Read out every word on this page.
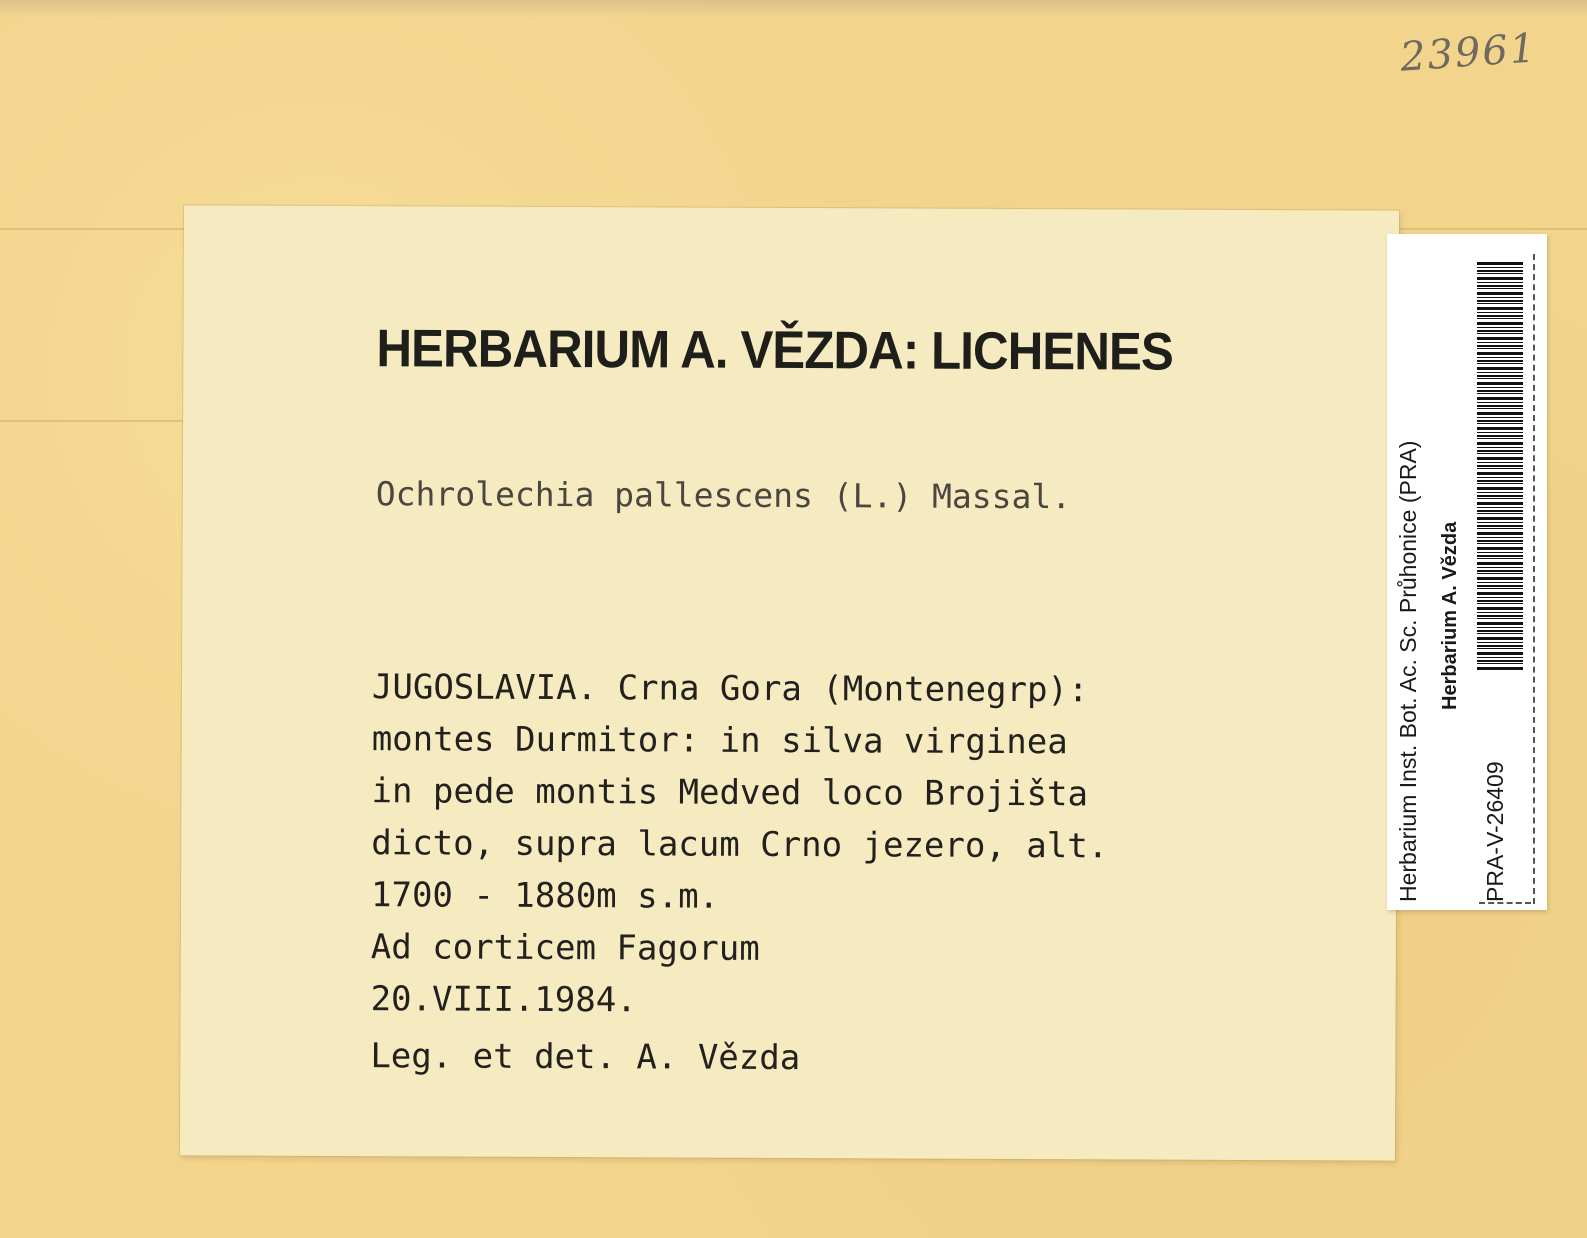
23961
HERBARIUM A. VĚZDA: LICHENES

Ochrolechia pallescens (L.) Massal.

JUGOSLAVIA. Crna Gora (Montenegrp):
montes Durmitor: in silva virginea
in pede montis Medved loco Brojišta
dicto, supra lacum Crno jezero, alt.
1700 - 1880m s.m.
Ad corticem Fagorum
20.VIII.1984.

Leg. et det. A. Vězda

Herbarium Inst. Bot. Ac. Sc. Průhonice (PRA) Herbarium A. Vězda
PRA-V-26409
